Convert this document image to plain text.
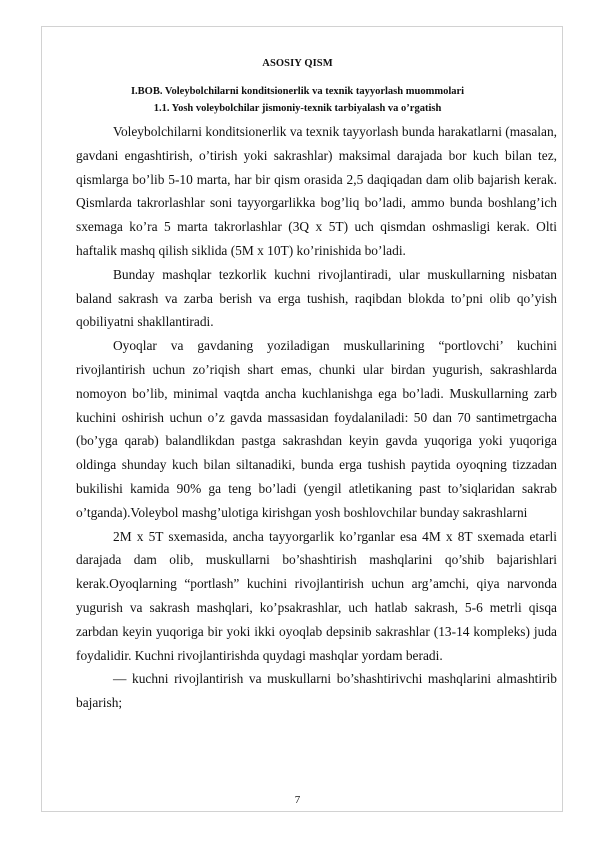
ASOSIY QISM
I.BOB. Voleybolchilarni konditsionerlik va texnik tayyorlash muommolari
1.1. Yosh voleybolchilar jismoniy-texnik tarbiyalash va o’rgatish

Voleybolchilarni konditsionerlik va texnik tayyorlash bunda harakatlarni (masalan, gavdani engashtirish, o’tirish yoki sakrashlar) maksimal darajada bor kuch bilan tez, qismlarga bo’lib 5-10 marta, har bir qism orasida 2,5 daqiqadan dam olib bajarish kerak. Qismlarda takrorlashlar soni tayyorgarlikka bog’liq bo’ladi, ammo bunda boshlang’ich sxemaga ko’ra 5 marta takrorlashlar (3Q x 5T) uch qismdan oshmasligi kerak. Olti haftalik mashq qilish siklida (5M x 10T) ko’rinishida bo’ladi.

Bunday mashqlar tezkorlik kuchni rivojlantiradi, ular muskullarning nisbatan baland sakrash va zarba berish va erga tushish, raqibdan blokda to’pni olib qo’yish qobiliyatni shakllantiradi.

Oyoqlar va gavdaning yoziladigan muskullarining “portlovchi’ kuchini rivojlantirish uchun zo’riqish shart emas, chunki ular birdan yugurish, sakrashlarda nomoyon bo’lib, minimal vaqtda ancha kuchlanishga ega bo’ladi. Muskullarning zarb kuchini oshirish uchun o’z gavda massasidan foydalaniladi: 50 dan 70 santimetrgacha (bo’yga qarab) balandlikdan pastga sakrashdan keyin gavda yuqoriga yoki yuqoriga oldinga shunday kuch bilan siltanadiki, bunda erga tushish paytida oyoqning tizzadan bukilishi kamida 90% ga teng bo’ladi (yengil atletikaning past to’siqlaridan sakrab o’tganda).Voleybol mashg’ulotiga kirishgan yosh boshlovchilar bunday sakrashlarni

2M x 5T sxemasida, ancha tayyorgarlik ko’rganlar esa 4M x 8T sxemada etarli darajada dam olib, muskullarni bo’shashtirish mashqlarini qo’shib bajarishlari kerak.Oyoqlarning “portlash” kuchini rivojlantirish uchun arg’amchi, qiya narvonda yugurish va sakrash mashqlari, ko’psakrashlar, uch hatlab sakrash, 5-6 metrli qisqa zarbdan keyin yuqoriga bir yoki ikki oyoqlab depsinib sakrashlar (13-14 kompleks) juda foydalidir. Kuchni rivojlantirishda quydagi mashqlar yordam beradi.

— kuchni rivojlantirish va muskullarni bo’shashtirivchi mashqlarini almashtirib bajarish;

7
